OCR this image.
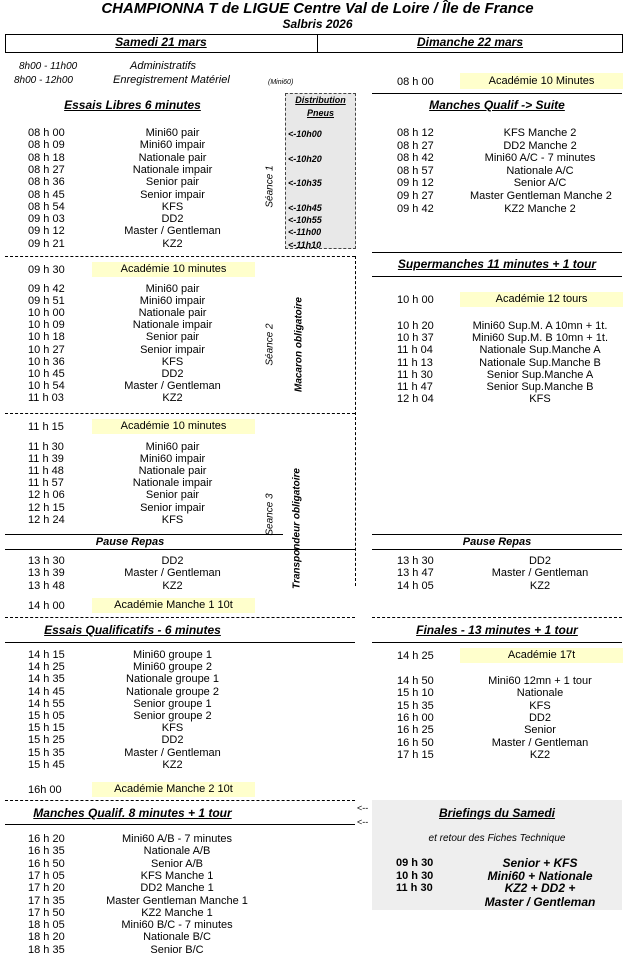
CHAMPIONNA T de LIGUE Centre Val de Loire / Île de France
Salbris 2026
Samedi 21 mars	Dimanche 22 mars
8h00 - 11h00	Administratifs
8h00 - 12h00	Enregistrement Matériel	(Mini60)
Essais Libres 6 minutes	Distribution
Pneus
08 h 00	Mini60 pair	<-10h00
08 h 09	Mini60 impair
08 h 18	Nationale pair	<-10h20
08 h 27	Nationale impair
08 h 36	Senior pair	<-10h35
08 h 45	Senior impair
08 h 54	KFS	<-10h45
09 h 03	DD2	<-10h55
09 h 12	Master / Gentleman	<-11h00
09 h 21	KZ2	<-11h10
Séance 1
09 h 30	Académie 10 minutes
09 h 42	Mini60 pair
09 h 51	Mini60 impair
10 h 00	Nationale pair
10 h 09	Nationale impair
10 h 18	Senior pair
10 h 27	Senior impair
10 h 36	KFS
10 h 45	DD2
10 h 54	Master / Gentleman
11 h 03	KZ2
Séance 2 Macaron obligatoire
11 h 15	Académie 10 minutes
11 h 30	Mini60 pair
11 h 39	Mini60 impair
11 h 48	Nationale pair
11 h 57	Nationale impair
12 h 06	Senior pair
12 h 15	Senior impair
12 h 24	KFS	Seance 3 Transpondeur obligatoire
Pause Repas
13 h 30	DD2
13 h 39	Master / Gentleman
13 h 48	KZ2
14 h 00	Académie Manche 1 10t
Essais Qualificatifs - 6 minutes
14 h 15	Mini60 groupe 1
14 h 25	Mini60 groupe 2
14 h 35	Nationale groupe 1
14 h 45	Nationale groupe 2
14 h 55	Senior groupe 1
15 h 05	Senior groupe 2
15 h 15	KFS
15 h 25	DD2
15 h 35	Master / Gentleman
15 h 45	KZ2
16h 00	Académie Manche 2 10t
Manches Qualif. 8 minutes + 1 tour
16 h 20	Mini60 A/B - 7 minutes
16 h 35	Nationale A/B
16 h 50	Senior A/B
17 h 05	KFS Manche 1
17 h 20	DD2 Manche 1
17 h 35	Master Gentleman Manche 1
17 h 50	KZ2 Manche 1
18 h 05	Mini60 B/C - 7 minutes
18 h 20	Nationale B/C
18 h 35	Senior B/C
08 h 00	Académie 10 Minutes
Manches Qualif -> Suite
08 h 12	KFS Manche 2
08 h 27	DD2 Manche 2
08 h 42	Mini60 A/C - 7 minutes
08 h 57	Nationale A/C
09 h 12	Senior A/C
09 h 27	Master Gentleman Manche 2
09 h 42	KZ2 Manche 2
Supermanches 11 minutes + 1 tour
10 h 00	Académie 12 tours
10 h 20	Mini60 Sup.M. A 10mn + 1t.
10 h 37	Mini60 Sup.M. B 10mn + 1t.
11 h 04	Nationale Sup.Manche A
11 h 13	Nationale Sup.Manche B
11 h 30	Senior Sup.Manche A
11 h 47	Senior Sup.Manche B
12 h 04	KFS
Pause Repas
13 h 30	DD2
13 h 47	Master / Gentleman
14 h 05	KZ2
Finales - 13 minutes + 1 tour
14 h 25	Académie 17t
14 h 50	Mini60 12mn + 1 tour
15 h 10	Nationale
15 h 35	KFS
16 h 00	DD2
16 h 25	Senior
16 h 50	Master / Gentleman
17 h 15	KZ2
<--
<--
Briefings du Samedi
et retour des Fiches Technique
09 h 30	Senior + KFS
10 h 30	Mini60 + Nationale
11 h 30	KZ2 + DD2 +
Master / Gentleman
